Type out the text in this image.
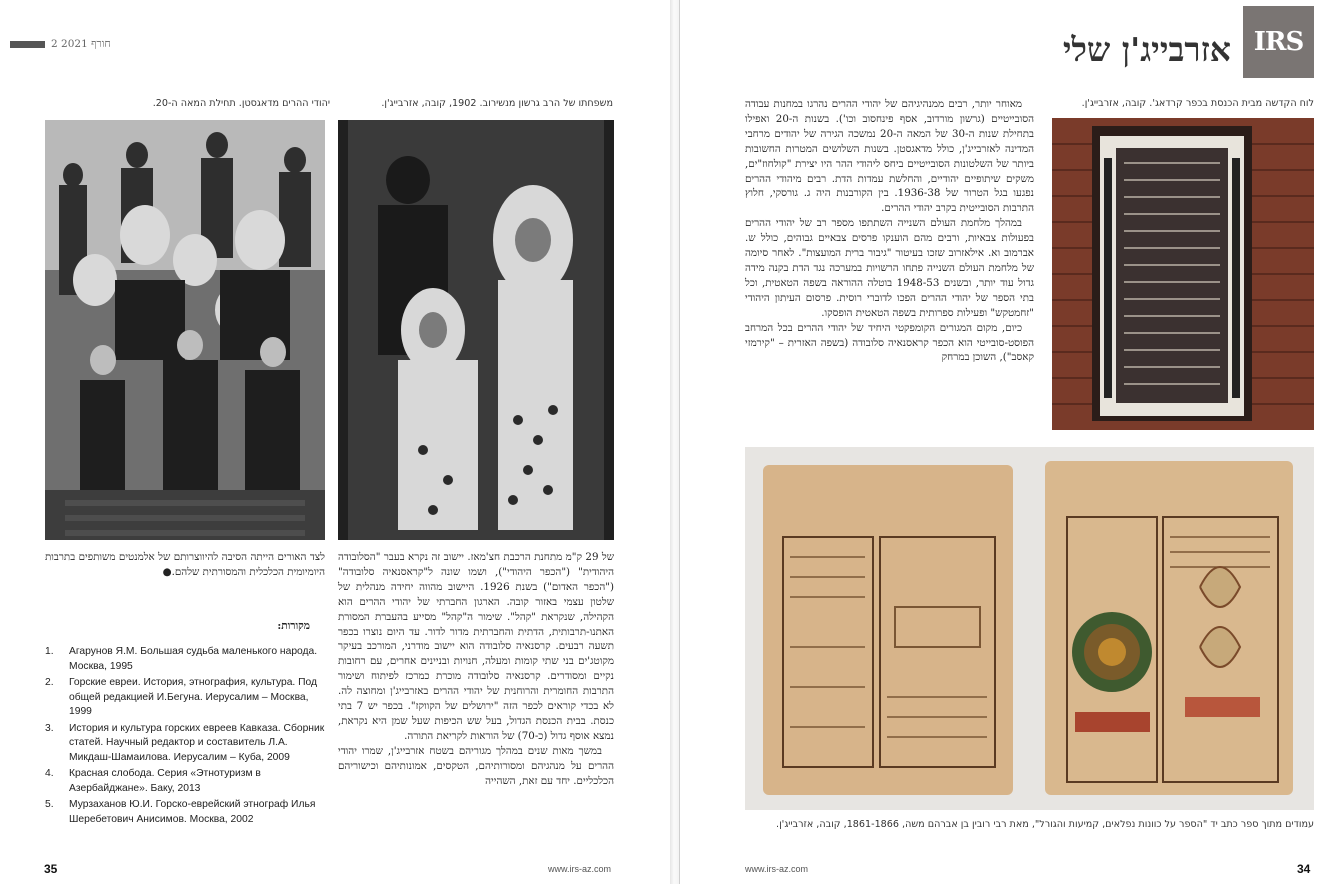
2 חורף 2021
יהודי ההרים מדאגסטן. תחילת המאה ה-20.	משפחתו של הרב גרשון מנשירוב. 1902, קובה, אזרבייג'ן.

של 29 ק"מ מתחנת הרכבת חצ'מאז. יישוב זה נקרא בעבר "הסלובודה היהודית" ("הכפר היהודי"), ושמו שונה ל"קראסנאיה סלובודה" ("הכפר האדום") בשנת 1926. היישוב מהווה יחידה מנהלית של שלטון עצמי באזור קובה. הארגון החברתי של יהודי ההרים הוא הקהילה, שנקראת "קהל". שימור ה"קהל" מסייע בהעברת המסורת האתנו-תרבותית, הדתית והחברתית מדור לדור. עד היום נוצרו בכפר תשעה רבעים. קרסנאיה סלובודה הוא יישוב מודרני, המורכב בעיקר מקוטג'ים בני שתי קומות ומעלה, חנויות ובניינים אחרים, עם רחובות נקיים ומסודרים. קרסנאיה סלובודה מוכרת כמרכז לפיתוח ושימור התרבות החומרית והרוחנית של יהודי ההרים באזרבייג'ן ומחוצה לה. לא בכדי קוראים לכפר הזה "ירושלים של הקווקז". בכפר יש 7 בתי כנסת. בבית הכנסת הגדול, בעל שש הכיפות שעל שמן היא נקראת, נמצא אוסף גדול (כ-70) של הוראות לקריאת התורה.

במשך מאות שנים במהלך מגוריהם בשטח אזרבייג'ן, שמרו יהודי ההרים על מנהגיהם ומסורותיהם, הטקסים, אמונותיהם וכישוריהם הכלכליים. יחד עם זאת, השהייה

לצד האורים הייתה הסיבה להיווצרותם של אלמנטים משותפים בתרבות היומיומית הכלכלית והמסורתית שלהם.●

מקורות:
1. Агарунов Я.М. Большая судьба маленького народа. Москва, 1995
2. Горские евреи. История, этнография, культура. Под общей редакцией И.Бегуна. Иерусалим – Москва, 1999
3. История и культура горских евреев Кавказа. Сборник статей. Научный редактор и составитель Л.А. Микдаш-Шамаилова. Иерусалим – Куба, 2009
4. Красная слобода. Серия «Этнотуризм в Азербайджане». Баку, 2013
5. Мурзаханов Ю.И. Горско-еврейский этнограф Илья Шеребетович Анисимов. Москва, 2002
35	www.irs-az.com
IRS
אזרבייג'ן שלי
לוח הקדשה מבית הכנסת בכפר קרדאג'. קובה, אזרבייג'ן.

מאוחר יותר, רבים ממנהיגיהם של יהודי ההרים נהרגו במחנות עבודה הסובייטיים (גרשון מורדוב, אסף פינחסוב וכו'). בשנות ה-20 ואפילו בתחילת שנות ה-30 של המאה ה-20 נמשכה הגירה של יהודים מרחבי המדינה לאזרבייג'ן, כולל מדאגסטן. בשנות השלושים המטרות החשובות ביותר של השלטונות הסובייטיים ביחס ליהודי ההר היו יצירת "קולחוז"ים, משקים שיתופיים יהודיים, והחלשת עמדות הדת. רבים מיהודי ההרים נפגעו בגל הטרור של 1936-38. בין הקורבנות היה ג. גורסקי, חלוץ התרבות הסובייטית בקרב יהודי ההרים.

במהלך מלחמת העולם השנייה השתתפו מספר רב של יהודי ההרים בפעולות צבאיות, ורבים מהם הוענקו פרסים צבאיים גבוהים, כולל ש. אברמוב וא. אילאזרוב שזכו בעיטור "גיבור ברית המועצות". לאחר סיומה של מלחמת העולם השנייה פתחו הרשויות במערכה נגד הדת בקנה מידה גדול עוד יותר, ובשנים 1948-53 בוטלה ההוראה בשפה הטאטית, וכל בתי הספר של יהודי ההרים הפכו לדוברי רוסית. פרסום העיתון היהודי "זחמטקש" ופעילות ספרותית בשפה הטאטית הופסקו.

כיום, מקום המגורים הקומפקטי היחיד של יהודי ההרים בכל המרחב הפוסט-סובייטי הוא הכפר קראסנאיה סלובודה (בשפה האזרית – "קירמזי קאסב"), השוכן במרחק

עמודים מתוך ספר כתב יד "הספר על כוונות נפלאים, קמיעות והגורל", מאת רבי רובין בן אברהם משה, 1861-1866, קובה, אזרבייג'ן.
www.irs-az.com	34
